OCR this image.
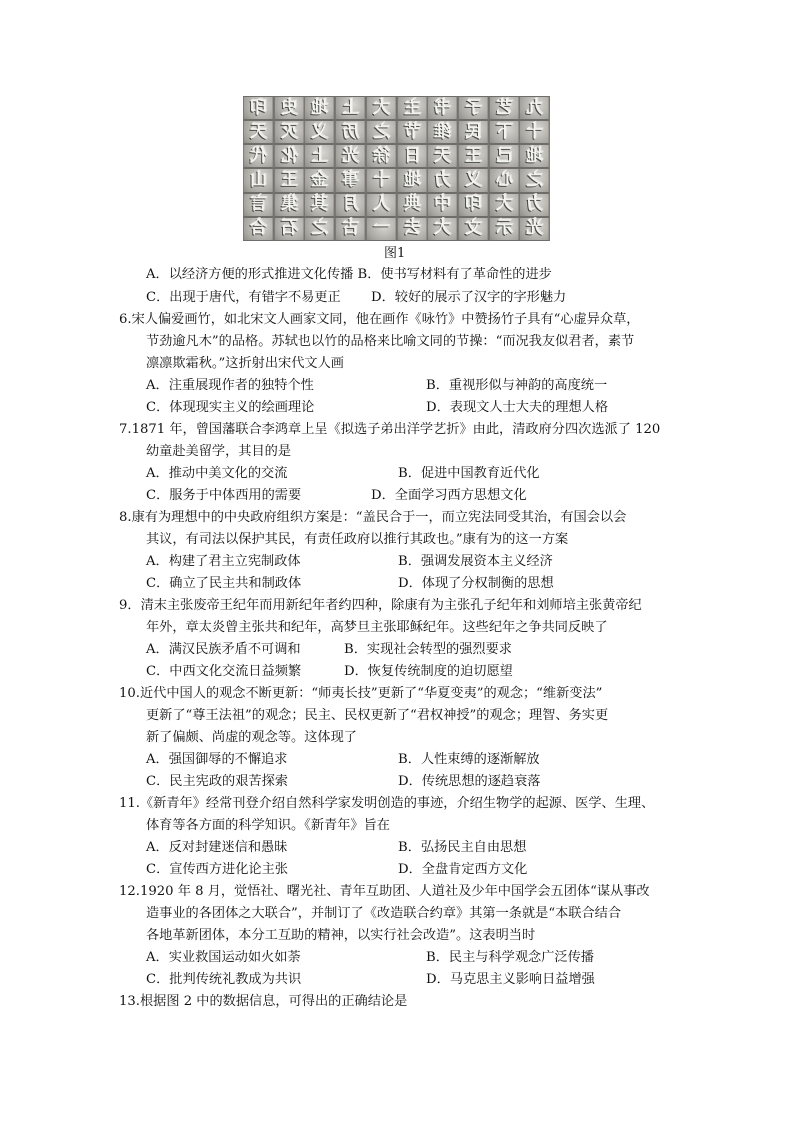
印 史 地 上 大 主 书 子 艺 九
天 灭 义 历 之 节 维 民 下 十
代 化 上 光 徐 日 天 王 己 地
山 王 金 事 十 地 力 义 心 之
言 集 其 月 人 典 中 印 大 力
合 石 之 古 一 去 大 文 示 光
图1
A．以经济方便的形式推进文化传播 B．使书写材料有了革命性的进步
C．出现于唐代，有错字不易更正 D．较好的展示了汉字的字形魅力
6.宋人偏爱画竹，如北宋文人画家文同，他在画作《咏竹》中赞扬竹子具有“心虚异众草，
节劲逾凡木”的品格。苏轼也以竹的品格来比喻文同的节操：“而况我友似君者，素节
凛凛欺霜秋。”这折射出宋代文人画
A．注重展现作者的独特个性	B．重视形似与神韵的高度统一
C．体现现实主义的绘画理论	D．表现文人士大夫的理想人格
7.1871 年，曾国藩联合李鸿章上呈《拟选子弟出洋学艺折》由此，清政府分四次选派了 120
幼童赴美留学，其目的是
A．推动中美文化的交流	B．促进中国教育近代化
C．服务于中体西用的需要	D．全面学习西方思想文化
8.康有为理想中的中央政府组织方案是：“盖民合于一，而立宪法同受其治，有国会以会
其议，有司法以保护其民，有责任政府以推行其政也。”康有为的这一方案
A．构建了君主立宪制政体	B．强调发展资本主义经济
C．确立了民主共和制政体	D．体现了分权制衡的思想
9．清末主张废帝王纪年而用新纪年者约四种，除康有为主张孔子纪年和刘师培主张黄帝纪
年外，章太炎曾主张共和纪年，高梦旦主张耶稣纪年。这些纪年之争共同反映了
A．满汉民族矛盾不可调和	B．实现社会转型的强烈要求
C．中西文化交流日益频繁	D．恢复传统制度的迫切愿望
10.近代中国人的观念不断更新：“师夷长技”更新了“华夏变夷”的观念；“维新变法”
更新了“尊王法祖”的观念；民主、民权更新了“君权神授”的观念；理智、务实更
新了偏颇、尚虚的观念等。这体现了
A．强国御辱的不懈追求	B．人性束缚的逐渐解放
C．民主宪政的艰苦探索	D．传统思想的逐趋衰落
11.《新青年》经常刊登介绍自然科学家发明创造的事迹，介绍生物学的起源、医学、生理、
体育等各方面的科学知识。《新青年》旨在
A．反对封建迷信和愚昧	B．弘扬民主自由思想
C．宣传西方进化论主张	D．全盘肯定西方文化
12.1920 年 8 月，觉悟社、曙光社、青年互助团、人道社及少年中国学会五团体“谋从事改
造事业的各团体之大联合”，并制订了《改造联合约章》其第一条就是“本联合结合
各地革新团体，本分工互助的精神，以实行社会改造”。这表明当时
A．实业救国运动如火如荼	B．民主与科学观念广泛传播
C．批判传统礼教成为共识	D．马克思主义影响日益增强
13.根据图 2 中的数据信息，可得出的正确结论是
